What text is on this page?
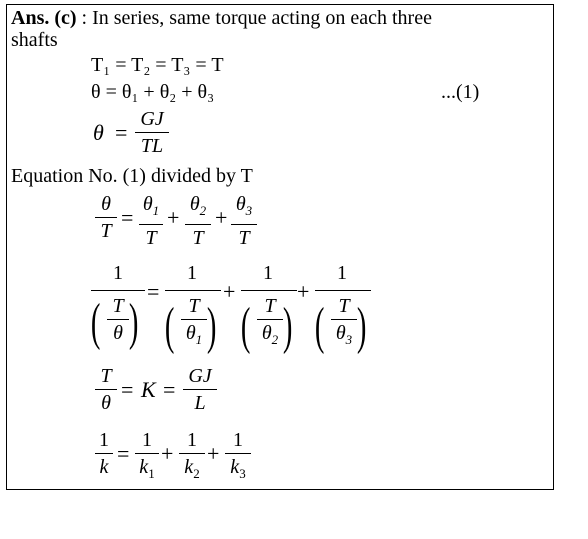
Ans. (c) : In series, same torque acting on each three
shafts
T₁ = T₂ = T₃ = T
θ = θ₁ + θ₂ + θ₃	...(1)
θ =
GJ
TL
Equation No. (1) divided by T
θ
T
=
$\theta_1$
T
+
$\theta_2$
T
+
$\theta_3$
T
1
( T
θ )
=
1
( T
$\theta_1$ )
+
1
( T
$\theta_2$ )
+
1
( T
$\theta_3$ )
T
θ
= K =
GJ
L
1
k
=
1
$k_1$
+
1
$k_2$
+
1
$k_3$
